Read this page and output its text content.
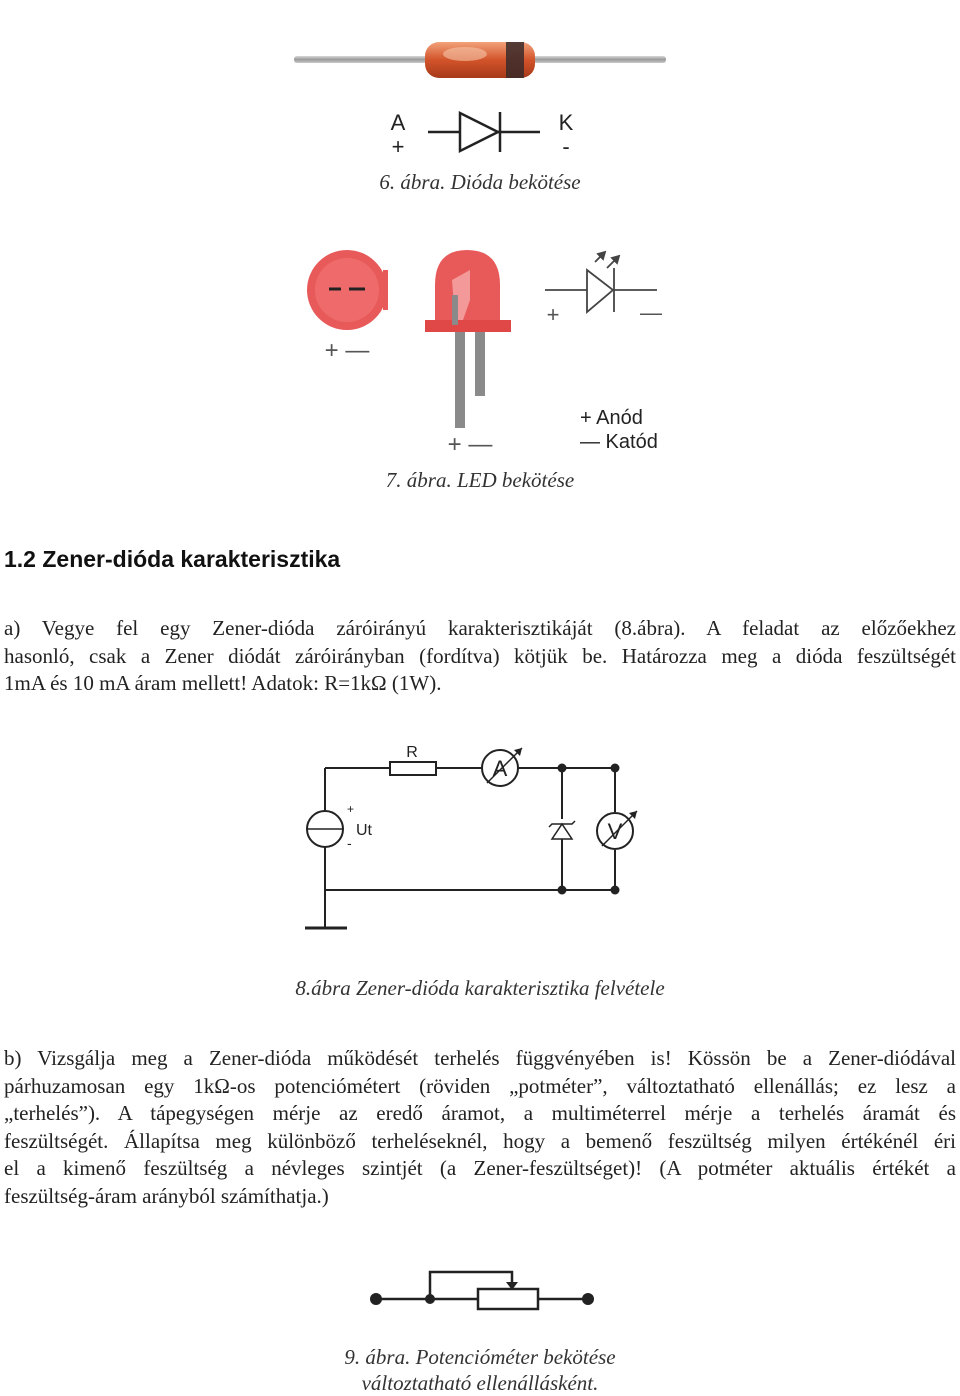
A
+
K
-
6. ábra. Dióda bekötése
+ —
+ —
+	—
+ Anód
— Katód
7. ábra. LED bekötése
1.2 Zener-dióda karakterisztika
a) Vegye fel egy Zener-dióda záróirányú karakterisztikáját (8.ábra). A feladat az előzőekhez
hasonló, csak a Zener diódát záróirányban (fordítva) kötjük be. Határozza meg a dióda feszültségét
1mA és 10 mA áram mellett! Adatok: R=1kΩ (1W).
R
A
+
-
Ut	V
8.ábra Zener-dióda karakterisztika felvétele
b) Vizsgálja meg a Zener-dióda működését terhelés függvényében is! Kössön be a Zener-diódával
párhuzamosan egy 1kΩ-os potenciómétert (röviden „potméter”, változtatható ellenállás; ez lesz a
„terhelés”). A tápegységen mérje az eredő áramot, a multiméterrel mérje a terhelés áramát és
feszültségét. Állapítsa meg különböző terheléseknél, hogy a bemenő feszültség milyen értékénél éri
el a kimenő feszültség a névleges szintjét (a Zener-feszültséget)! (A potméter aktuális értékét a
feszültség-áram arányból számíthatja.)
9. ábra. Potencióméter bekötése
változtatható ellenállásként.
